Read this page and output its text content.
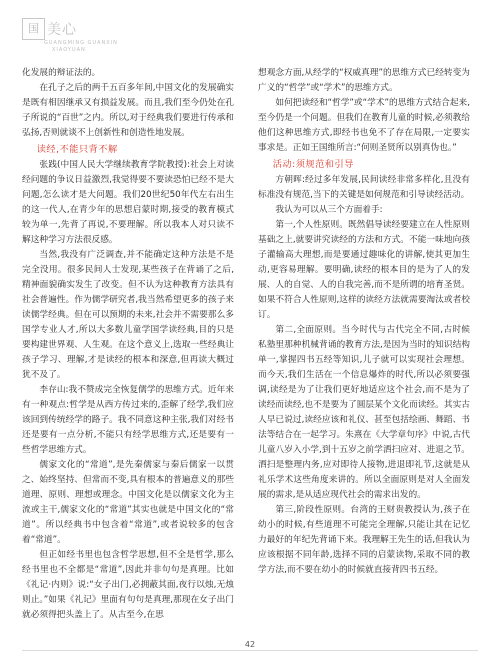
国 美心
GUANGMING GUANXIN
XIAOYUAN

化发展的辩证法的。

在孔子之后的两千五百多年间,中国文化的发展确实是既有相因继承又有损益发展。而且,我们至今仍处在孔子所说的“百世”之内。所以,对于经典我们要进行传承和弘扬,否则就谈不上创新性和创造性地发展。

读经,不能只背不解

张践(中国人民大学继续教育学院教授):社会上对读经问题的争议日益激烈,我觉得要不要读恐怕已经不是大问题,怎么读才是大问题。我们20世纪50年代左右出生的这一代人,在青少年的思想启蒙时期,接受的教育模式较为单一,先背了再说,不要理解。所以我本人对只读不解这种学习方法很反感。

当然,我没有广泛调查,并不能确定这种方法是不是完全没用。很多民间人士发现,某些孩子在背诵了之后,精神面貌确实发生了改变。但不认为这种教育方法具有社会普遍性。作为儒学研究者,我当然希望更多的孩子来读儒学经典。但在可以预期的未来,社会并不需要那么多国学专业人才,所以大多数儿童学国学读经典,目的只是要构建世界观、人生观。在这个意义上,选取一些经典让孩子学习、理解,才是读经的根本和深意,但再读大概过犹不及了。

李存山:我不赞成完全恢复儒学的思维方式。近年来有一种观点:哲学是从西方传过来的,歪解了经学,我们应该回到传统经学的路子。我不同意这种主张,我们对经书还是要有一点分析,不能只有经学思维方式,还是要有一些哲学思维方式。

儒家文化的“常道”,是先秦儒家与秦后儒家一以贯之、始终坚持、但常而不变,具有根本的普遍意义的那些道理、原则、理想或理念。中国文化是以儒家文化为主流或主干,儒家文化的“常道”其实也就是中国文化的“常道”。所以经典书中包含着“常道”,或者说较多的包含着“常道”。

但正如经书里也包含哲学思想,但不全是哲学,那么经书里也不全都是“常道”,因此并非句句是真理。比如《礼记·内则》说:“女子出门,必拥蔽其面,夜行以烛,无烛则止。”如果《礼记》里面有句句是真理,那现在女子出门就必须得把头盖上了。从古至今,在思

想观念方面,从经学的“权威真理”的思维方式已经转变为广义的“哲学”或“学术”的思维方式。

如何把读经和“哲学”或“学术”的思维方式结合起来,至今仍是一个问题。但我们在教育儿童的时候,必须教给他们这种思维方式,即经书也免不了存在局限,一定要实事求是。正如王国维所言:“何则圣贤所以别真伪也。”

活动:须规范和引导

方朝晖:经过多年发展,民间读经非常多样化,且没有标准没有规范,当下的关键是如何规范和引导读经活动。

我认为可以从三个方面着手:

第一,个人性原则。既然倡导读经要建立在人性原则基础之上,就要讲究读经的方法和方式。不能一味地向孩子灌输高大理想,而是要通过趣味化的讲解,使其更加生动,更容易理解。要明确,读经的根本目的是为了人的发展、人的自觉、人的自我完善,而不是所谓的培育圣贤。如果不符合人性原则,这样的读经方法就需要淘汰或者校订。

第二,全面原则。当今时代与古代完全不同,古时候私塾里那种机械背诵的教育方法,是因为当时的知识结构单一,掌握四书五经等知识,儿子就可以实现社会理想。而今天,我们生活在一个信息爆炸的时代,所以必须要强调,读经是为了让我们更好地适应这个社会,而不是为了读经而读经,也不是要为了圆层某个文化而读经。其实古人早已说过,读经应该和礼仪、甚至包括绘画、舞蹈、书法等结合在一起学习。朱熹在《大学章句序》中说,古代儿童八岁入小学,到十五岁之前学洒扫应对、进退之节。洒扫是整理内务,应对即待人接物,进退即礼节,这就是从礼乐学术这些角度来讲的。所以全面原则是对人全面发展的需求,是从适应现代社会的需求出发的。

第三,阶段性原则。台湾的王财贵教授认为,孩子在幼小的时候,有些道理不可能完全理解,只能让其在记忆力最好的年纪先背诵下来。我理解王先生的话,但我认为应该根据不同年龄,选择不同的启蒙读物,采取不同的教学方法,而不要在幼小的时候就直接背四书五经。

42
